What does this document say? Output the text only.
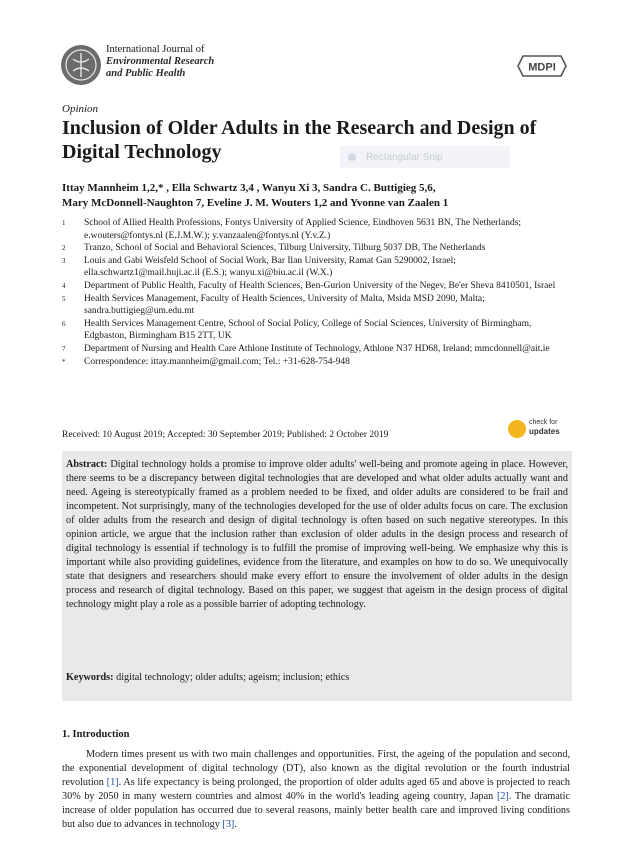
International Journal of
Environmental Research
and Public Health	MDPI
Opinion
Inclusion of Older Adults in the Research and Design of Digital Technology	Rectangular Snip
Ittay Mannheim 1,2,* , Ella Schwartz 3,4 , Wanyu Xi 3, Sandra C. Buttigieg 5,6,
Mary McDonnell-Naughton 7, Eveline J. M. Wouters 1,2 and Yvonne van Zaalen 1
1	School of Allied Health Professions, Fontys University of Applied Science, Eindhoven 5631 BN, The Netherlands; e.wouters@fontys.nl (E.J.M.W.); y.vanzaalen@fontys.nl (Y.v.Z.)
2	Tranzo, School of Social and Behavioral Sciences, Tilburg University, Tilburg 5037 DB, The Netherlands
3	Louis and Gabi Weisfeld School of Social Work, Bar Ilan University, Ramat Gan 5290002, Israel; ella.schwartz1@mail.huji.ac.il (E.S.); wanyu.xi@biu.ac.il (W.X.)
4	Department of Public Health, Faculty of Health Sciences, Ben-Gurion University of the Negev, Be'er Sheva 8410501, Israel
5	Health Services Management, Faculty of Health Sciences, University of Malta, Msida MSD 2090, Malta; sandra.buttigieg@um.edu.mt
6	Health Services Management Centre, School of Social Policy, College of Social Sciences, University of Birmingham, Edgbaston, Birmingham B15 2TT, UK
7	Department of Nursing and Health Care Athlone Institute of Technology, Athlone N37 HD68, Ireland; mmcdonnell@ait.ie
*	Correspondence: ittay.mannheim@gmail.com; Tel.: +31-628-754-948
Received: 10 August 2019; Accepted: 30 September 2019; Published: 2 October 2019
check for
updates
Abstract: Digital technology holds a promise to improve older adults' well-being and promote ageing in place. However, there seems to be a discrepancy between digital technologies that are developed and what older adults actually want and need. Ageing is stereotypically framed as a problem needed to be fixed, and older adults are considered to be frail and incompetent. Not surprisingly, many of the technologies developed for the use of older adults focus on care. The exclusion of older adults from the research and design of digital technology is often based on such negative stereotypes. In this opinion article, we argue that the inclusion rather than exclusion of older adults in the design process and research of digital technology is essential if technology is to fulfill the promise of improving well-being. We emphasize why this is important while also providing guidelines, evidence from the literature, and examples on how to do so. We unequivocally state that designers and researchers should make every effort to ensure the involvement of older adults in the design process and research of digital technology. Based on this paper, we suggest that ageism in the design process of digital technology might play a role as a possible barrier of adopting technology.
Keywords: digital technology; older adults; ageism; inclusion; ethics
1. Introduction
Modern times present us with two main challenges and opportunities. First, the ageing of the population and second, the exponential development of digital technology (DT), also known as the digital revolution or the fourth industrial revolution [1]. As life expectancy is being prolonged, the proportion of older adults aged 65 and above is projected to reach 30% by 2050 in many western countries and almost 40% in the world's leading ageing country, Japan [2]. The dramatic increase of older population has occurred due to several reasons, mainly better health care and improved living conditions but also due to advances in technology [3].
